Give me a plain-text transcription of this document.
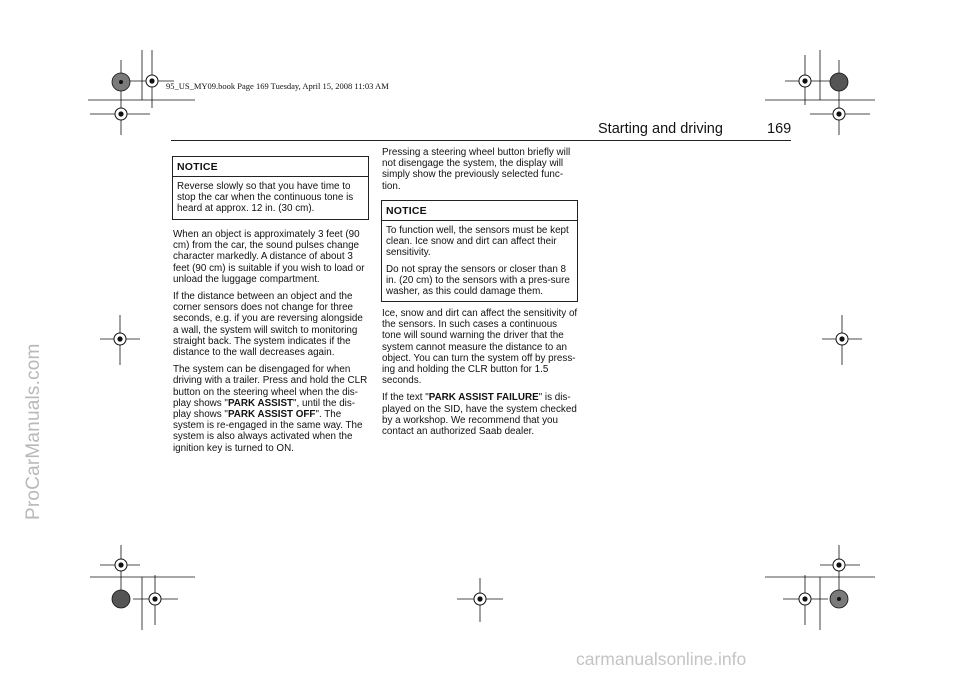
95_US_MY09.book Page 169 Tuesday, April 15, 2008 11:03 AM
ProCarManuals.com
carmanualsonline.info
Starting and driving	169
NOTICE

Reverse slowly so that you have time to stop the car when the continuous tone is heard at approx. 12 in. (30 cm).

When an object is approximately 3 feet (90 cm) from the car, the sound pulses change character markedly. A distance of about 3 feet (90 cm) is suitable if you wish to load or unload the luggage compartment.

If the distance between an object and the corner sensors does not change for three seconds, e.g. if you are reversing alongside a wall, the system will switch to monitoring straight back. The system indicates if the distance to the wall decreases again.

The system can be disengaged for when driving with a trailer. Press and hold the CLR button on the steering wheel when the dis-play shows "PARK ASSIST", until the dis-play shows "PARK ASSIST OFF". The system is re-engaged in the same way. The system is also always activated when the ignition key is turned to ON.

Pressing a steering wheel button briefly will not disengage the system, the display will simply show the previously selected func-tion.

NOTICE

To function well, the sensors must be kept clean. Ice snow and dirt can affect their sensitivity.

Do not spray the sensors or closer than 8 in. (20 cm) to the sensors with a pres-sure washer, as this could damage them.

Ice, snow and dirt can affect the sensitivity of the sensors. In such cases a continuous tone will sound warning the driver that the system cannot measure the distance to an object. You can turn the system off by press-ing and holding the CLR button for 1.5 seconds.

If the text "PARK ASSIST FAILURE" is dis-played on the SID, have the system checked by a workshop. We recommend that you contact an authorized Saab dealer.
